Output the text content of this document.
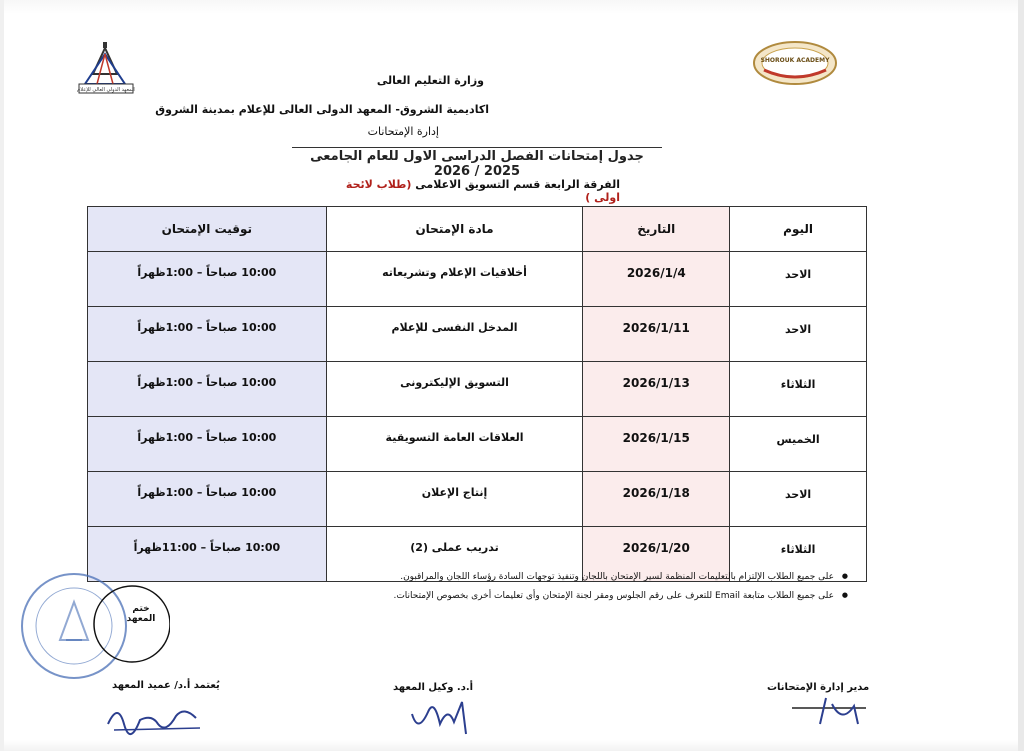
المعهد الدولي العالي للإعلام
SHOROUK ACADEMY
وزارة التعليم العالى
اكاديمية الشروق- المعهد الدولى العالى للإعلام بمدينة الشروق
إدارة الإمتحانات
جدول إمتحانات الفصل الدراسى الاول للعام الجامعى 2025 / 2026
الفرقة الرابعة قسم التسويق الاعلامى (طلاب لائحة اولى )
اليوم	التاريخ	مادة الإمتحان	توقيت الإمتحان
الاحد	2026/1/4	أخلاقيات الإعلام وتشريعاته	10:00 صباحاً – 1:00ظهراً
الاحد	2026/1/11	المدخل النفسى للإعلام	10:00 صباحاً – 1:00ظهراً
الثلاثاء	2026/1/13	التسويق الإليكترونى	10:00 صباحاً – 1:00ظهراً
الخميس	2026/1/15	العلاقات العامة التسويقية	10:00 صباحاً – 1:00ظهراً
الاحد	2026/1/18	إنتاج الإعلان	10:00 صباحاً – 1:00ظهراً
الثلاثاء	2026/1/20	تدريب عملى (2)	10:00 صباحاً – 11:00ظهراً
● على جميع الطلاب الإلتزام بالتعليمات المنظمة لسير الإمتحان باللجان وتنفيذ توجهات السادة رؤساء اللجان والمراقبون.
● على جميع الطلاب متابعة Email للتعرف على رقم الجلوس ومقر لجنة الإمتحان وأى تعليمات أخرى بخصوص الإمتحانات.
ختم المعهد
يُعتمد أ.د/ عميد المعهد	أ.د. وكيل المعهد	مدير إدارة الإمتحانات
